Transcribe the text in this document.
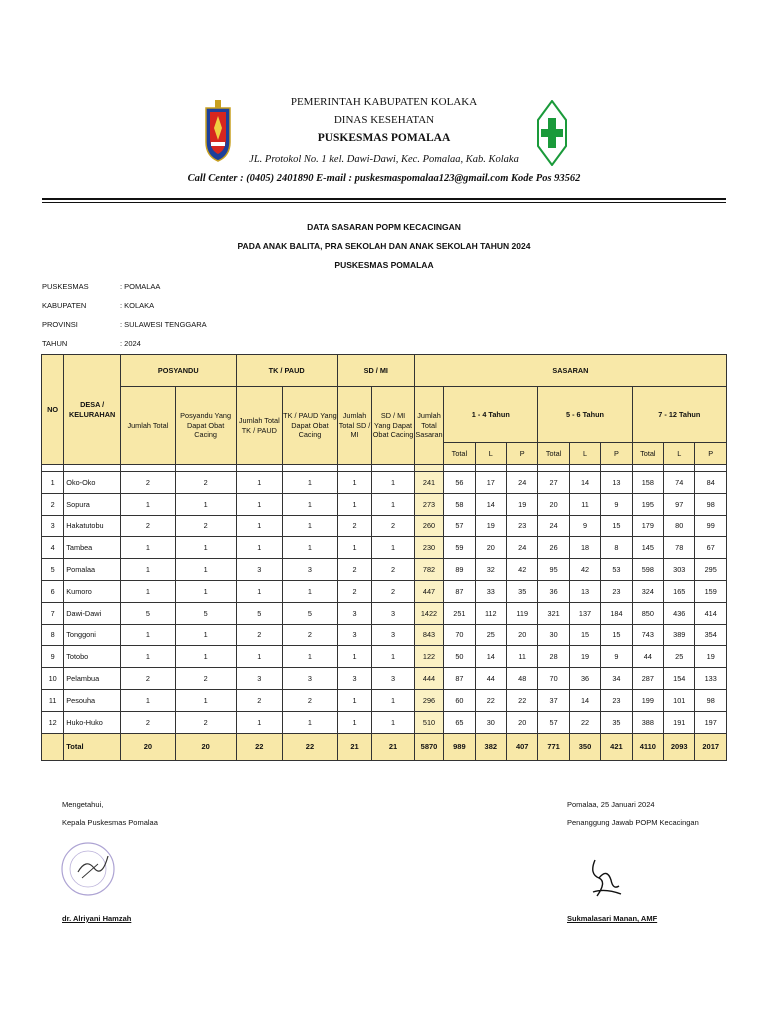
PEMERINTAH KABUPATEN KOLAKA
DINAS KESEHATAN
PUSKESMAS POMALAA
JL. Protokol No. 1 kel. Dawi-Dawi, Kec. Pomalaa, Kab. Kolaka
Call Center : (0405) 2401890 E-mail : puskesmaspomalaa123@gmail.com Kode Pos 93562
DATA SASARAN POPM KECACINGAN
PADA ANAK BALITA, PRA SEKOLAH DAN ANAK SEKOLAH TAHUN 2024
PUSKESMAS POMALAA
PUSKESMAS	: POMALAA
KABUPATEN	: KOLAKA
PROVINSI	: SULAWESI TENGGARA
TAHUN	: 2024
NO	DESA / KELURAHAN	POSYANDU		TK / PAUD		SD / MI		SASARAN									
		Jumlah Total	Posyandu Yang Dapat Obat Cacing	Jumlah Total TK / PAUD	TK / PAUD Yang Dapat Obat Cacing	Jumlah Total SD / MI	SD / MI Yang Dapat Obat Cacing	Jumlah Total Sasaran	1 - 4 Tahun			5 - 6 Tahun			7 - 12 Tahun		
									Total	L	P	Total	L	P	Total	L	P

1	Oko-Oko	2	2	1	1	1	1	241	56	17	24	27	14	13	158	74	84
2	Sopura	1	1	1	1	1	1	273	58	14	19	20	11	9	195	97	98
3	Hakatutobu	2	2	1	1	2	2	260	57	19	23	24	9	15	179	80	99
4	Tambea	1	1	1	1	1	1	230	59	20	24	26	18	8	145	78	67
5	Pomalaa	1	1	3	3	2	2	782	89	32	42	95	42	53	598	303	295
6	Kumoro	1	1	1	1	2	2	447	87	33	35	36	13	23	324	165	159
7	Dawi-Dawi	5	5	5	5	3	3	1422	251	112	119	321	137	184	850	436	414
8	Tonggoni	1	1	2	2	3	3	843	70	25	20	30	15	15	743	389	354
9	Totobo	1	1	1	1	1	1	122	50	14	11	28	19	9	44	25	19
10	Pelambua	2	2	3	3	3	3	444	87	44	48	70	36	34	287	154	133
11	Pesouha	1	1	2	2	1	1	296	60	22	22	37	14	23	199	101	98
12	Huko-Huko	2	2	1	1	1	1	510	65	30	20	57	22	35	388	191	197
	Total	20	20	22	22	21	21	5870	989	382	407	771	350	421	4110	2093	2017
Mengetahui,
Kepala Puskesmas Pomalaa
dr. Alriyani Hamzah
Pomalaa, 25 Januari 2024
Penanggung Jawab POPM Kecacingan
Sukmalasari Manan, AMF
